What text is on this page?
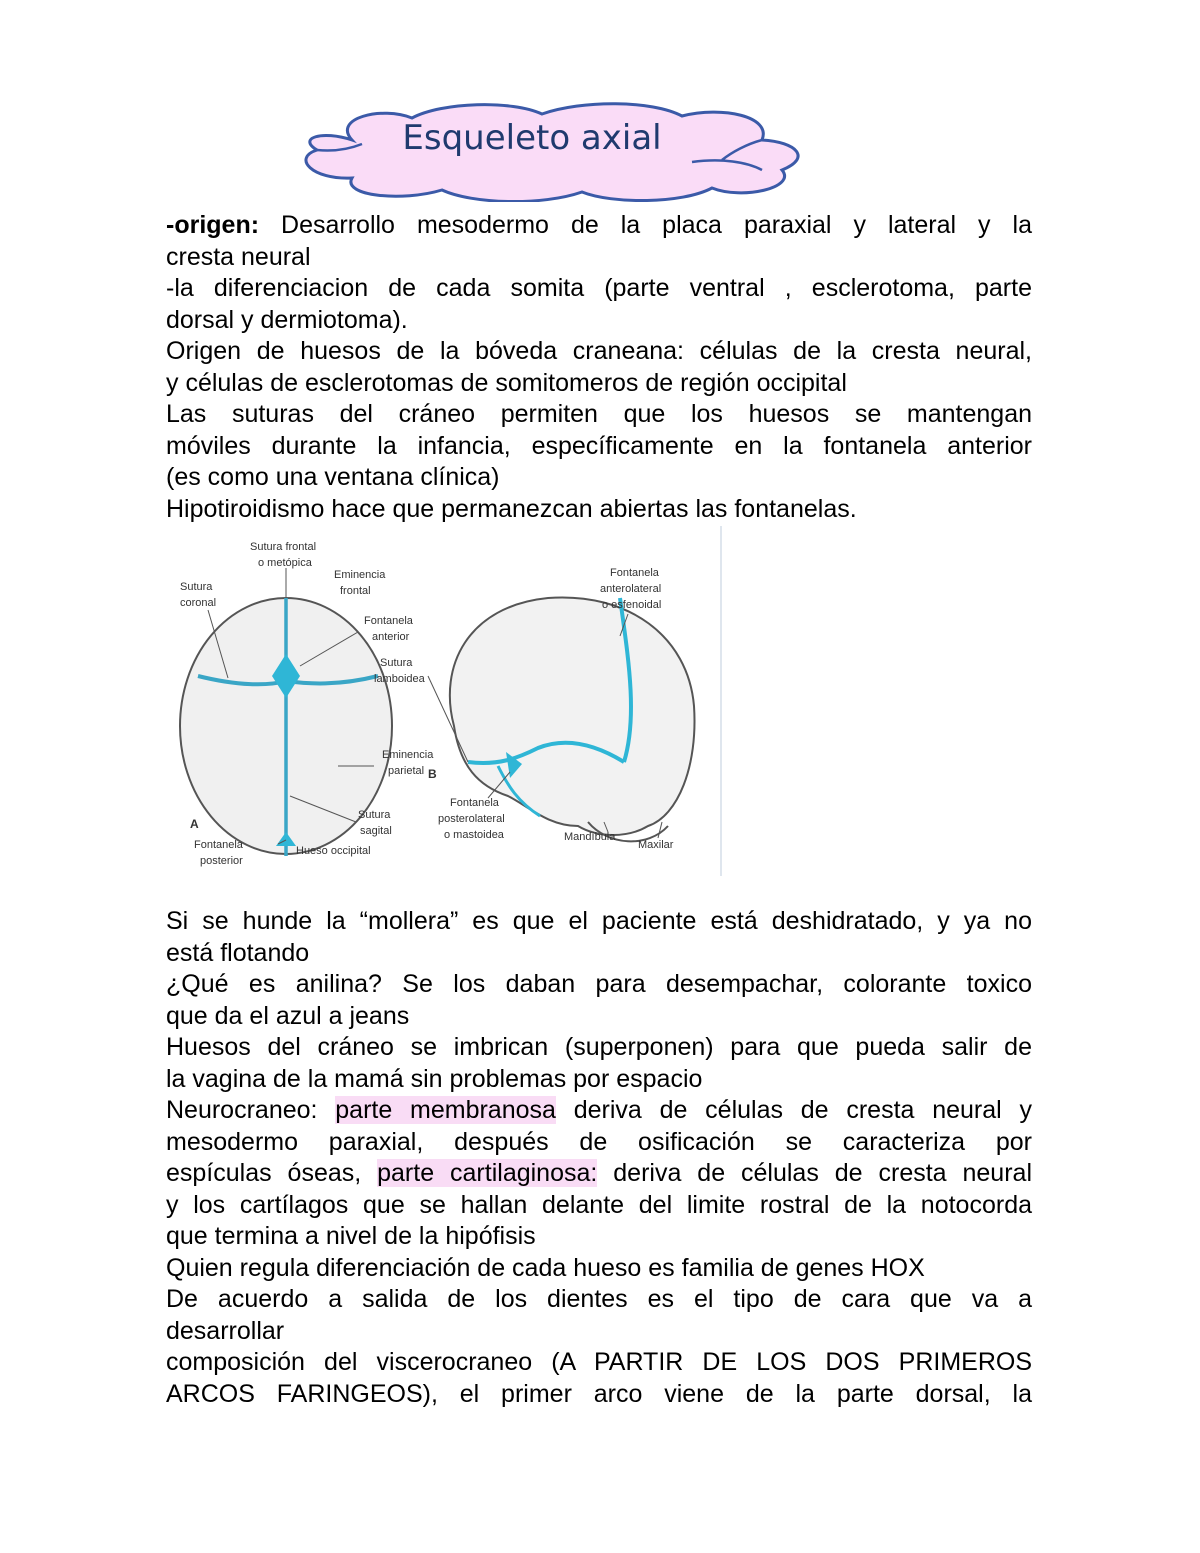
Esqueleto axial

-origen: Desarrollo mesodermo de la placa paraxial y lateral y la

cresta neural

-la diferenciacion de cada somita (parte ventral , esclerotoma, parte

dorsal y dermiotoma).

Origen de huesos de la bóveda craneana: células de la cresta neural,

y células de esclerotomas de somitomeros de región occipital

Las suturas del cráneo permiten que los huesos se mantengan

móviles durante la infancia, específicamente en la fontanela anterior

(es como una ventana clínica)

Hipotiroidismo hace que permanezcan abiertas las fontanelas.

Sutura frontal
o metópica
Eminencia
frontal
Sutura
coronal
Fontanela
anterior
Sutura
lamboidea
Eminencia
parietal
Sutura
sagital
A
Fontanela
posterior
Hueso occipital
Fontanela
anterolateral
o esfenoidal
B
Fontanela
posterolateral
o mastoidea	Mandíbula
Maxilar

Si se hunde la “mollera” es que el paciente está deshidratado, y ya no

está flotando

¿Qué es anilina? Se los daban para desempachar, colorante toxico

que da el azul a jeans

Huesos del cráneo se imbrican (superponen) para que pueda salir de

la vagina de la mamá sin problemas por espacio

Neurocraneo: parte membranosa deriva de células de cresta neural y

mesodermo paraxial, después de osificación se caracteriza por

espículas óseas, parte cartilaginosa: deriva de células de cresta neural

y los cartílagos que se hallan delante del limite rostral de la notocorda

que termina a nivel de la hipófisis

Quien regula diferenciación de cada hueso es familia de genes HOX

De acuerdo a salida de los dientes es el tipo de cara que va a

desarrollar

composición del viscerocraneo (A PARTIR DE LOS DOS PRIMEROS

ARCOS FARINGEOS), el primer arco viene de la parte dorsal, la
